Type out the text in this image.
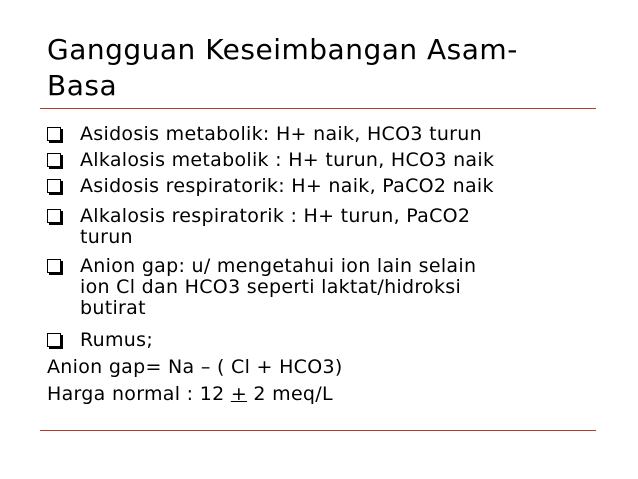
Gangguan Keseimbangan Asam-
Basa
Asidosis metabolik: H+ naik, HCO3 turun
Alkalosis metabolik : H+ turun, HCO3 naik
Asidosis respiratorik: H+ naik, PaCO2 naik
Alkalosis respiratorik : H+ turun, PaCO2
turun
Anion gap: u/ mengetahui ion lain selain
ion Cl dan HCO3 seperti laktat/hidroksi
butirat
Rumus;
Anion gap= Na – ( Cl + HCO3)
Harga normal : 12 + 2 meq/L
